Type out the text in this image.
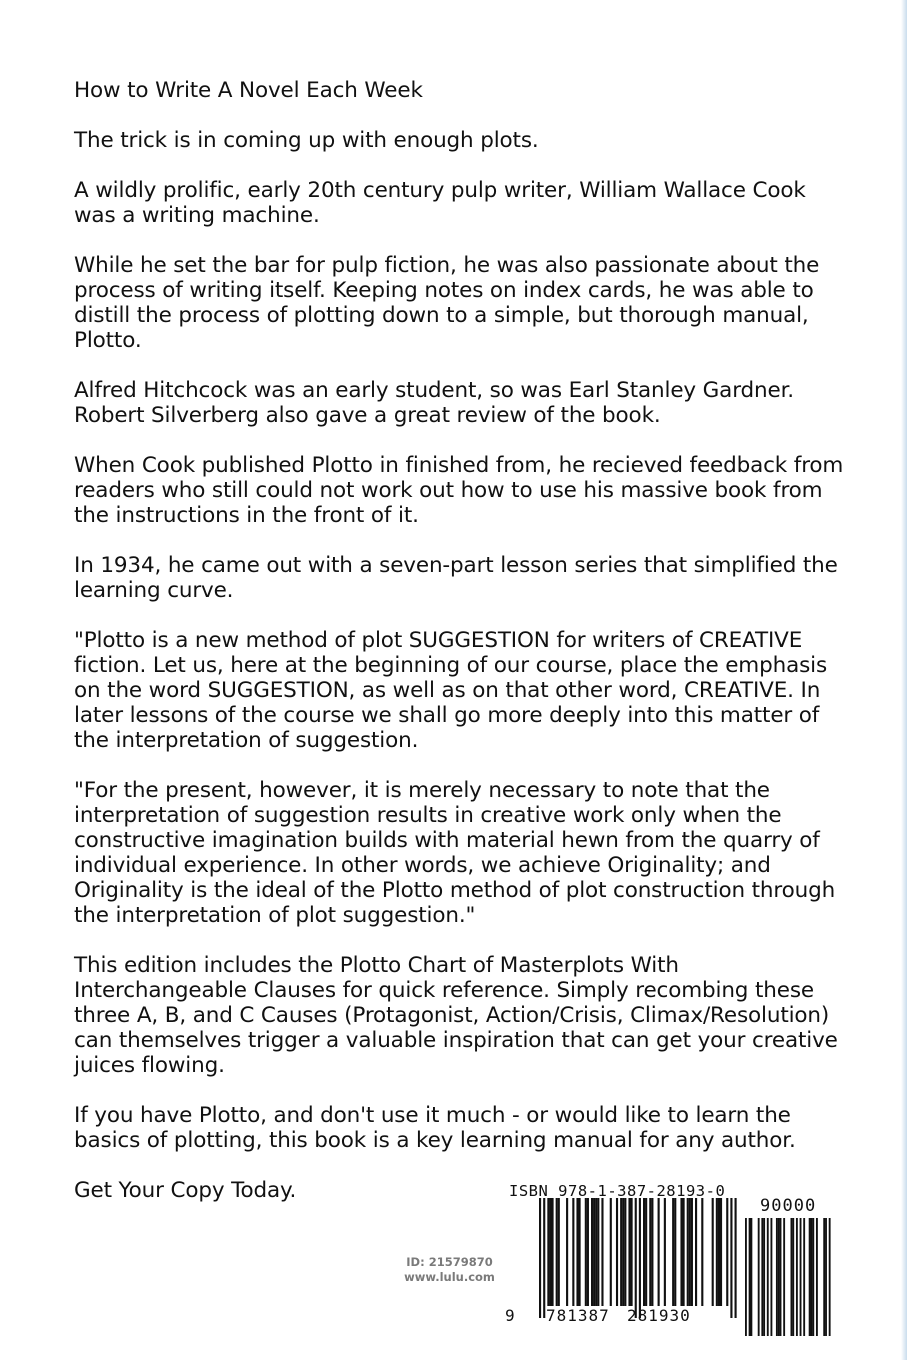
How to Write A Novel Each Week

The trick is in coming up with enough plots.

A wildly prolific, early 20th century pulp writer, William Wallace Cook was a writing machine.

While he set the bar for pulp fiction, he was also passionate about the process of writing itself. Keeping notes on index cards, he was able to distill the process of plotting down to a simple, but thorough manual, Plotto.

Alfred Hitchcock was an early student, so was Earl Stanley Gardner. Robert Silverberg also gave a great review of the book.

When Cook published Plotto in finished from, he recieved feedback from readers who still could not work out how to use his massive book from the instructions in the front of it.

In 1934, he came out with a seven-part lesson series that simplified the learning curve.

"Plotto is a new method of plot SUGGESTION for writers of CREATIVE fiction. Let us, here at the beginning of our course, place the emphasis on the word SUGGESTION, as well as on that other word, CREATIVE. In later lessons of the course we shall go more deeply into this matter of the interpretation of suggestion.

"For the present, however, it is merely necessary to note that the interpretation of suggestion results in creative work only when the constructive imagination builds with material hewn from the quarry of individual experience. In other words, we achieve Originality; and Originality is the ideal of the Plotto method of plot construction through the interpretation of plot suggestion."

This edition includes the Plotto Chart of Masterplots With Interchangeable Clauses for quick reference. Simply recombing these three A, B, and C Causes (Protagonist, Action/Crisis, Climax/Resolution) can themselves trigger a valuable inspiration that can get your creative juices flowing.

If you have Plotto, and don't use it much - or would like to learn the basics of plotting, this book is a key learning manual for any author.

Get Your Copy Today.

ID: 21579870
www.lulu.com
ISBN 978-1-387-28193-0
90000
9 781387 281930
